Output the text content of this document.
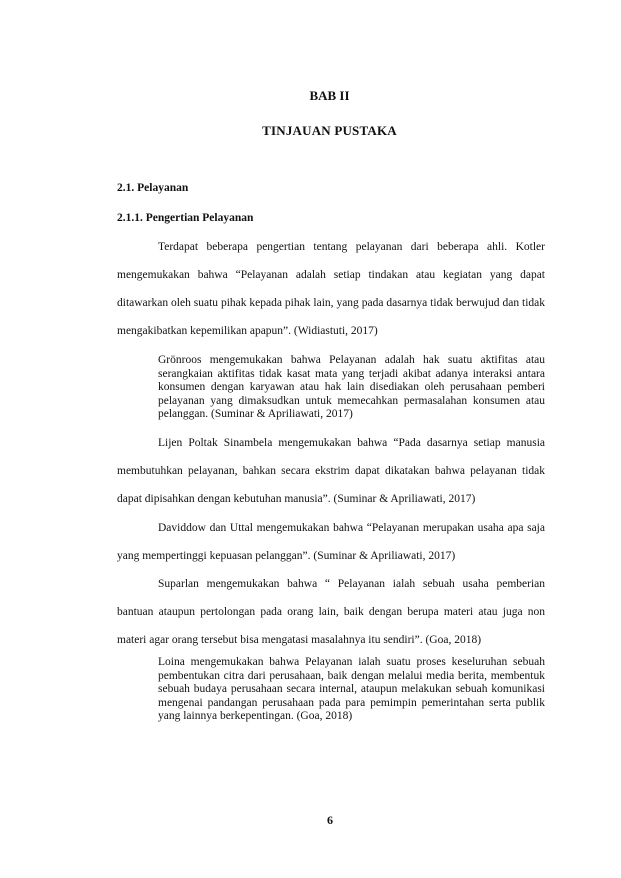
BAB II
TINJAUAN PUSTAKA
2.1. Pelayanan
2.1.1. Pengertian Pelayanan

Terdapat beberapa pengertian tentang pelayanan dari beberapa ahli. Kotler mengemukakan bahwa “Pelayanan adalah setiap tindakan atau kegiatan yang dapat ditawarkan oleh suatu pihak kepada pihak lain, yang pada dasarnya tidak berwujud dan tidak mengakibatkan kepemilikan apapun”. (Widiastuti, 2017)

Grönroos mengemukakan bahwa Pelayanan adalah hak suatu aktifitas atau serangkaian aktifitas tidak kasat mata yang terjadi akibat adanya interaksi antara konsumen dengan karyawan atau hak lain disediakan oleh perusahaan pemberi pelayanan yang dimaksudkan untuk memecahkan permasalahan konsumen atau pelanggan. (Suminar & Apriliawati, 2017)

Lijen Poltak Sinambela mengemukakan bahwa “Pada dasarnya setiap manusia membutuhkan pelayanan, bahkan secara ekstrim dapat dikatakan bahwa pelayanan tidak dapat dipisahkan dengan kebutuhan manusia”. (Suminar & Apriliawati, 2017)

Daviddow dan Uttal mengemukakan bahwa “Pelayanan merupakan usaha apa saja yang mempertinggi kepuasan pelanggan”. (Suminar & Apriliawati, 2017)

Suparlan mengemukakan bahwa “ Pelayanan ialah sebuah usaha pemberian bantuan ataupun pertolongan pada orang lain, baik dengan berupa materi atau juga non materi agar orang tersebut bisa mengatasi masalahnya itu sendiri”. (Goa, 2018)

Loina mengemukakan bahwa Pelayanan ialah suatu proses keseluruhan sebuah pembentukan citra dari perusahaan, baik dengan melalui media berita, membentuk sebuah budaya perusahaan secara internal, ataupun melakukan sebuah komunikasi mengenai pandangan perusahaan pada para pemimpin pemerintahan serta publik yang lainnya berkepentingan. (Goa, 2018)

6
